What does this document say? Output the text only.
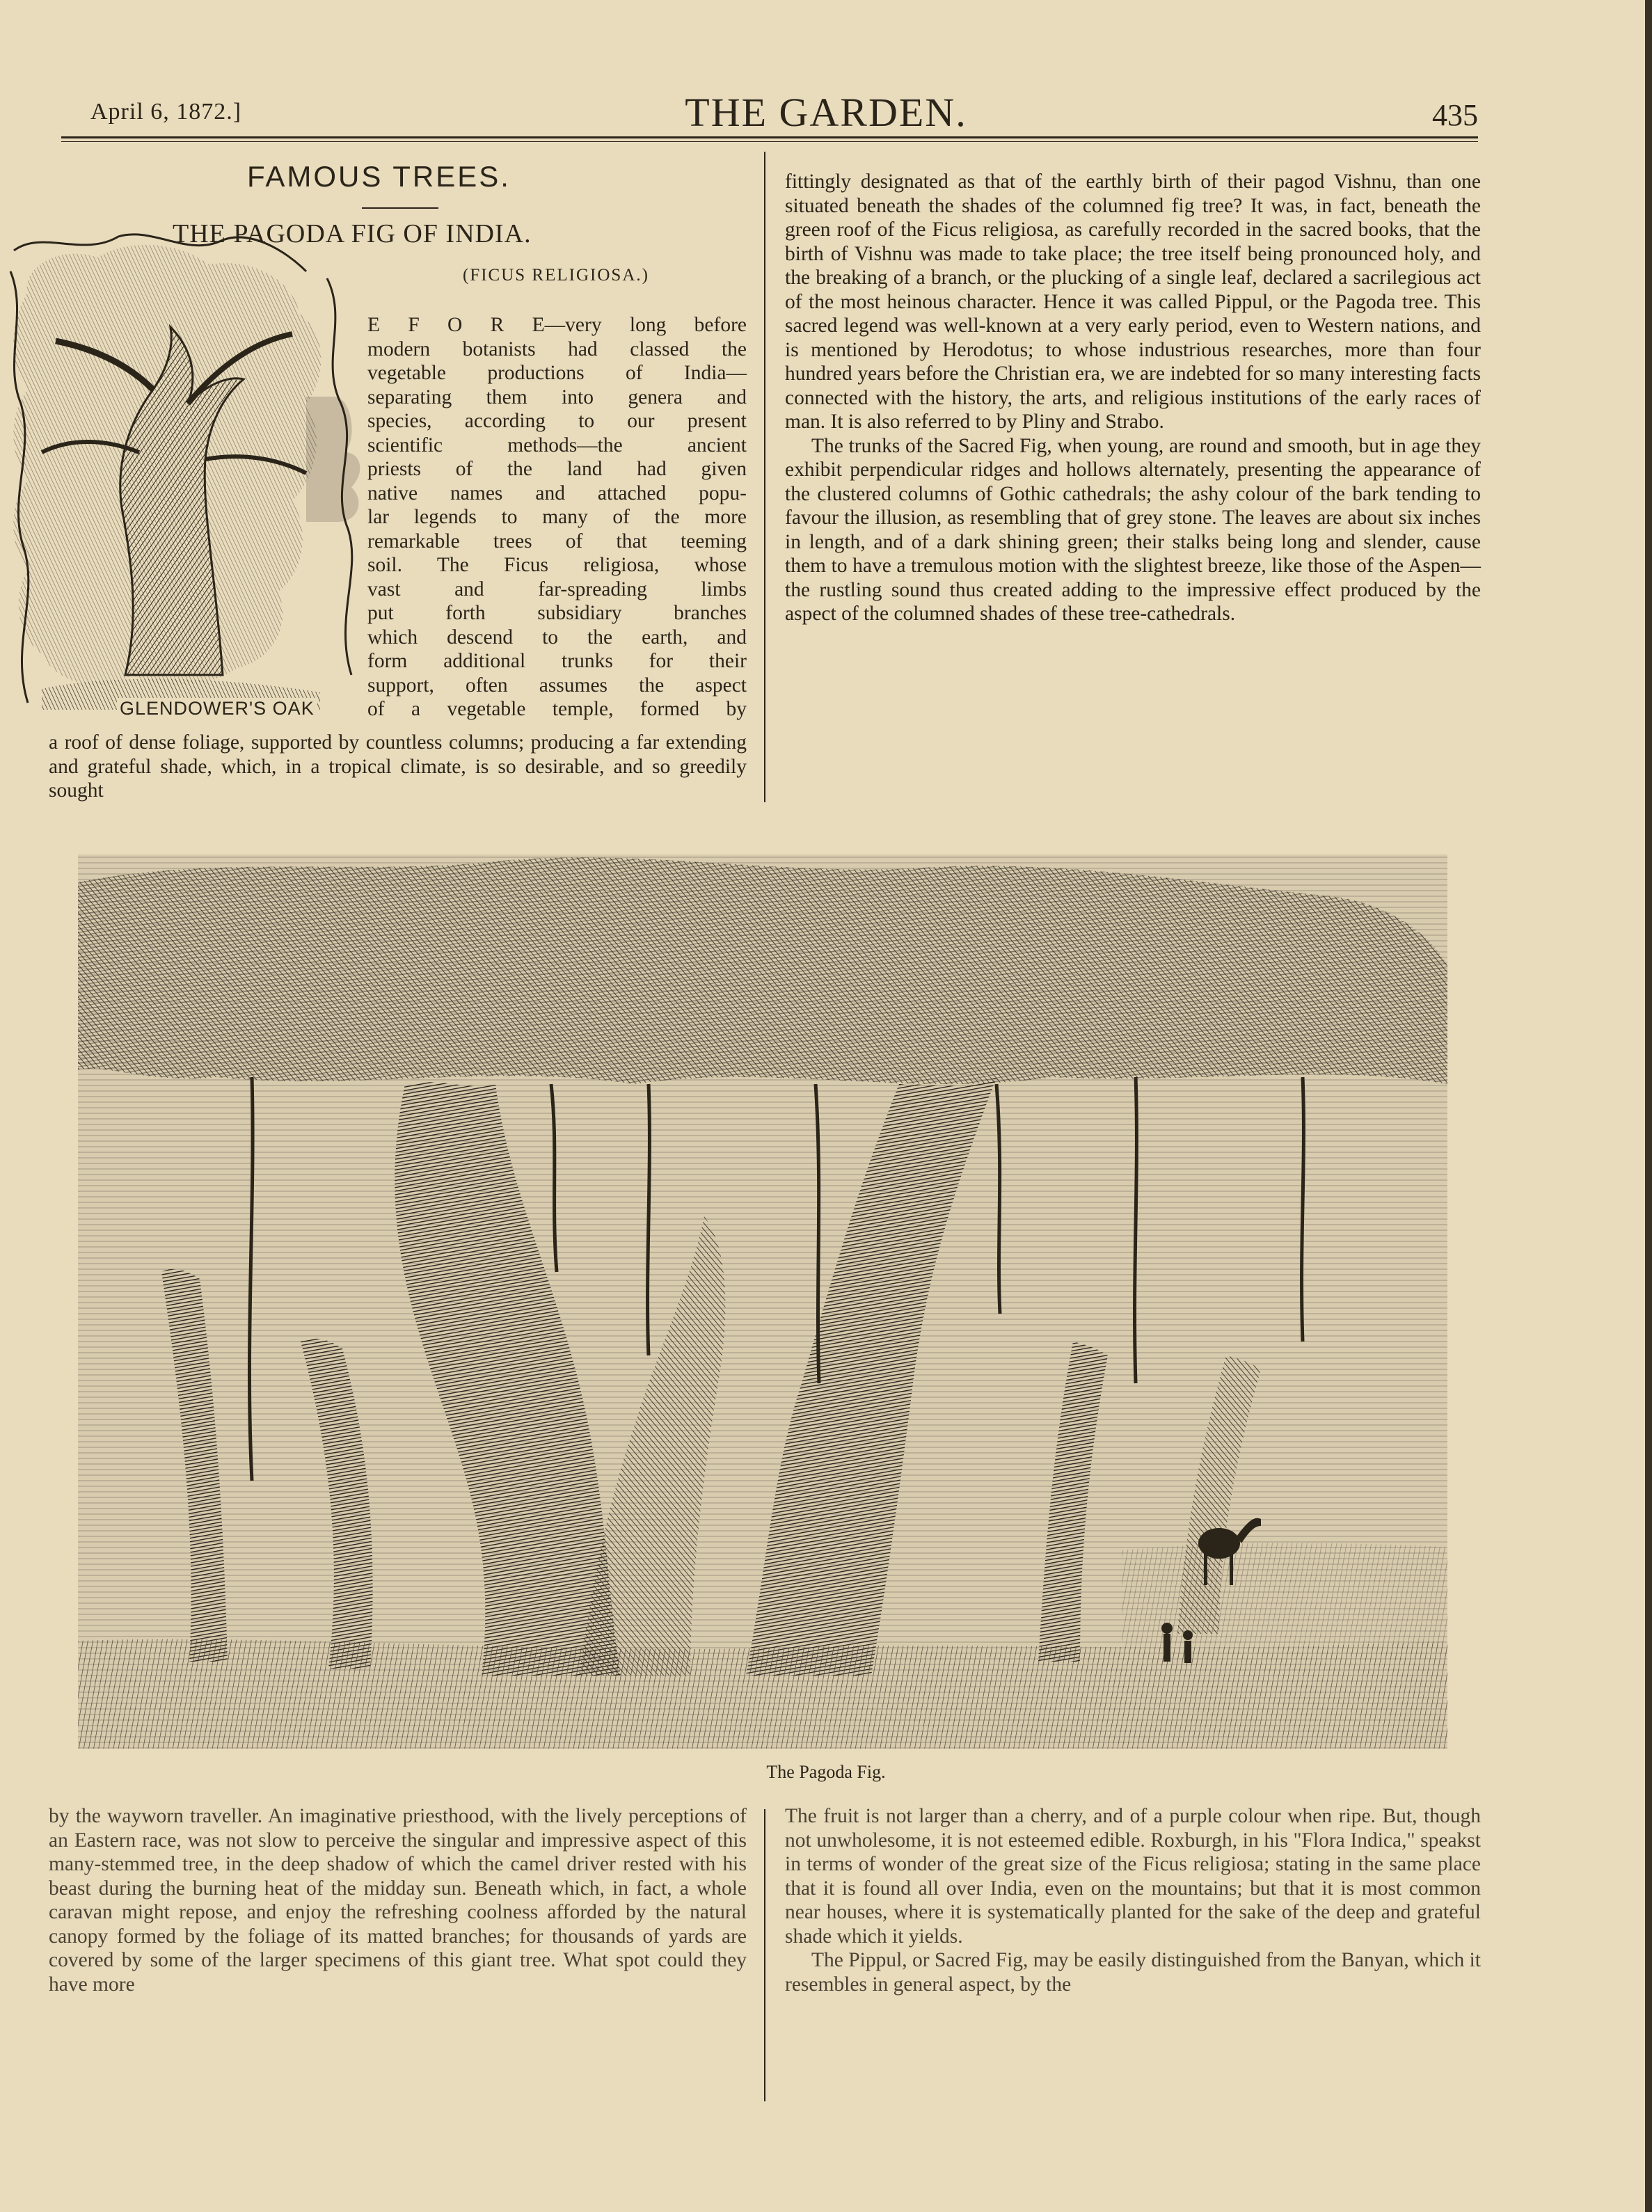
April 6, 1872.]	THE GARDEN.	435
FAMOUS TREES.
THE PAGODA FIG OF INDIA.
(FICUS RELIGIOSA.)
GLENDOWER'S OAK
E F O R E—very long before
modern botanists had classed the
vegetable productions of India—
separating them into genera and
species, according to our present
scientific methods—the ancient
priests of the land had given
native names and attached popu-
lar legends to many of the more
remarkable trees of that teeming
soil. The Ficus religiosa, whose
vast and far-spreading limbs
put forth subsidiary branches
which descend to the earth, and
form additional trunks for their
support, often assumes the aspect
of a vegetable temple, formed by

a roof of dense foliage, supported by countless columns; producing a far extending and grateful shade, which, in a tropical climate, is so desirable, and so greedily sought

fittingly designated as that of the earthly birth of their pagod Vishnu, than one situated beneath the shades of the columned fig tree? It was, in fact, beneath the green roof of the Ficus religiosa, as carefully recorded in the sacred books, that the birth of Vishnu was made to take place; the tree itself being pronounced holy, and the breaking of a branch, or the plucking of a single leaf, declared a sacrilegious act of the most heinous character. Hence it was called Pippul, or the Pagoda tree. This sacred legend was well-known at a very early period, even to Western nations, and is mentioned by Herodotus; to whose industrious researches, more than four hundred years before the Christian era, we are indebted for so many interesting facts connected with the history, the arts, and religious institutions of the early races of man. It is also referred to by Pliny and Strabo.

The trunks of the Sacred Fig, when young, are round and smooth, but in age they exhibit perpendicular ridges and hollows alternately, presenting the appearance of the clustered columns of Gothic cathedrals; the ashy colour of the bark tending to favour the illusion, as resembling that of grey stone. The leaves are about six inches in length, and of a dark shining green; their stalks being long and slender, cause them to have a tremulous motion with the slightest breeze, like those of the Aspen—the rustling sound thus created adding to the impressive effect produced by the aspect of the columned shades of these tree-cathedrals.

The Pagoda Fig.

by the wayworn traveller. An imaginative priesthood, with the lively perceptions of an Eastern race, was not slow to perceive the singular and impressive aspect of this many-stemmed tree, in the deep shadow of which the camel driver rested with his beast during the burning heat of the midday sun. Beneath which, in fact, a whole caravan might repose, and enjoy the refreshing coolness afforded by the natural canopy formed by the foliage of its matted branches; for thousands of yards are covered by some of the larger specimens of this giant tree. What spot could they have more

The fruit is not larger than a cherry, and of a purple colour when ripe. But, though not unwholesome, it is not esteemed edible. Roxburgh, in his "Flora Indica," speakst in terms of wonder of the great size of the Ficus religiosa; stating in the same place that it is found all over India, even on the mountains; but that it is most common near houses, where it is systematically planted for the sake of the deep and grateful shade which it yields.

The Pippul, or Sacred Fig, may be easily distinguished from the Banyan, which it resembles in general aspect, by the
